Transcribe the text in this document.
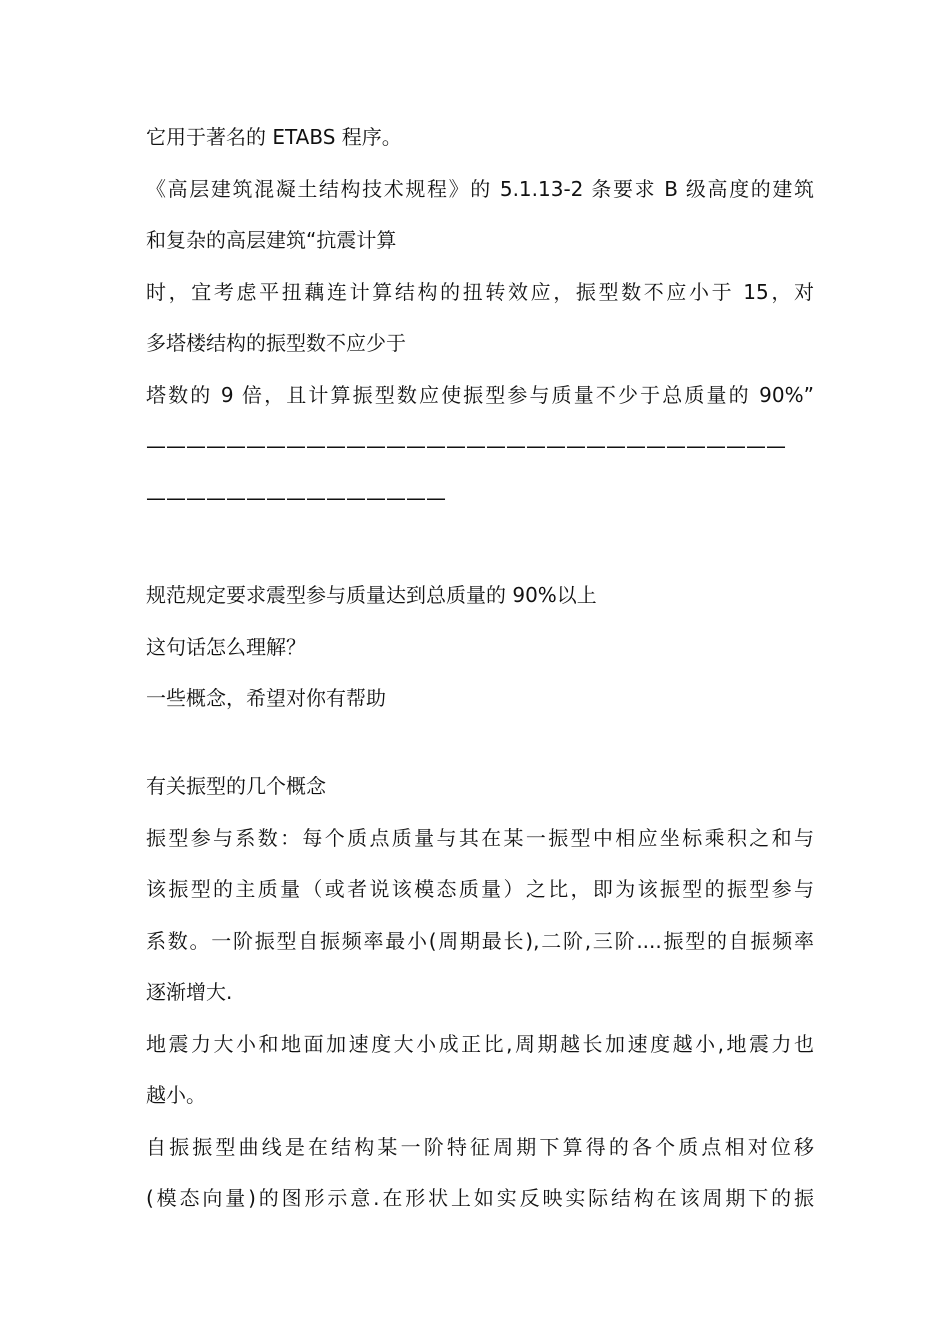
它用于著名的 ETABS 程序。
《高层建筑混凝土结构技术规程》的 5.1.13-2 条要求 B 级高度的建筑
和复杂的高层建筑“抗震计算
时，宜考虑平扭藕连计算结构的扭转效应，振型数不应小于 15，对
多塔楼结构的振型数不应少于
塔数的 9 倍，且计算振型数应使振型参与质量不少于总质量的 90%”
————————————————————————————————
———————————————
规范规定要求震型参与质量达到总质量的 90%以上
这句话怎么理解？
一些概念，希望对你有帮助
有关振型的几个概念
振型参与系数：每个质点质量与其在某一振型中相应坐标乘积之和与
该振型的主质量（或者说该模态质量）之比，即为该振型的振型参与
系数。一阶振型自振频率最小(周期最长),二阶,三阶....振型的自振频率
逐渐增大.
地震力大小和地面加速度大小成正比,周期越长加速度越小,地震力也
越小。
自振振型曲线是在结构某一阶特征周期下算得的各个质点相对位移
(模态向量)的图形示意.在形状上如实反映实际结构在该周期下的振
